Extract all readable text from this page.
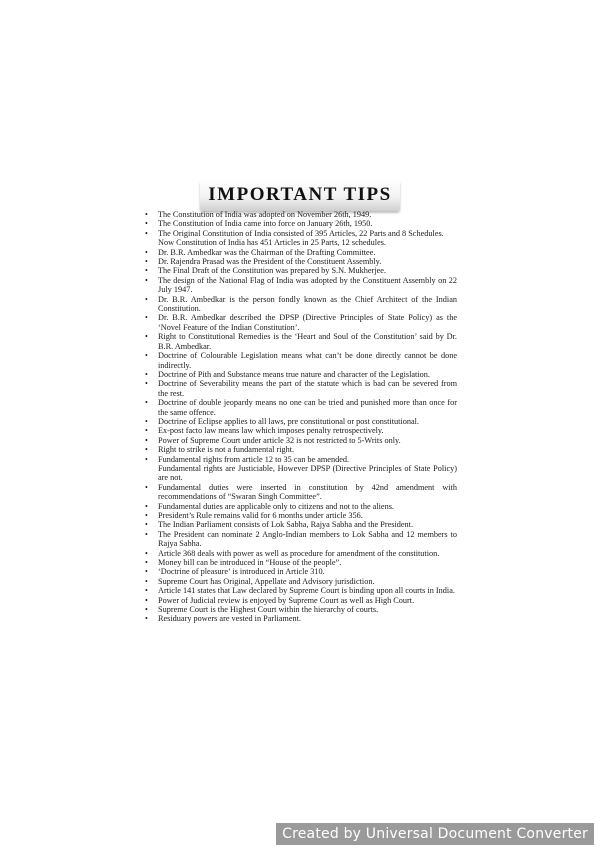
IMPORTANT TIPS
• The Constitution of India was adopted on November 26th, 1949.
• The Constitution of India came into force on January 26th, 1950.
• The Original Constitution of India consisted of 395 Articles, 22 Parts and 8 Schedules.
Now Constitution of India has 451 Articles in 25 Parts, 12 schedules.
• Dr. B.R. Ambedkar was the Chairman of the Drafting Committee.
• Dr. Rajendra Prasad was the President of the Constituent Assembly.
• The Final Draft of the Constitution was prepared by S.N. Mukherjee.
• The design of the National Flag of India was adopted by the Constituent Assembly on 22 July 1947.
• Dr. B.R. Ambedkar is the person fondly known as the Chief Architect of the Indian Constitution.
• Dr. B.R. Ambedkar described the DPSP (Directive Principles of State Policy) as the ‘Novel Feature of the Indian Constitution’.
• Right to Constitutional Remedies is the ‘Heart and Soul of the Constitution’ said by Dr. B.R. Ambedkar.
• Doctrine of Colourable Legislation means what can’t be done directly cannot be done indirectly.
• Doctrine of Pith and Substance means true nature and character of the Legislation.
• Doctrine of Severability means the part of the statute which is bad can be severed from the rest.
• Doctrine of double jeopardy means no one can be tried and punished more than once for the same offence.
• Doctrine of Eclipse applies to all laws, pre constitutional or post constitutional.
• Ex-post facto law means law which imposes penalty retrospectively.
• Power of Supreme Court under article 32 is not restricted to 5-Writs only.
• Right to strike is not a fundamental right.
• Fundamental rights from article 12 to 35 can be amended.
Fundamental rights are Justiciable, However DPSP (Directive Principles of State Policy) are not.
• Fundamental duties were inserted in constitution by 42nd amendment with recommendations of “Swaran Singh Committee”.
• Fundamental duties are applicable only to citizens and not to the aliens.
• President’s Rule remains valid for 6 months under article 356.
• The Indian Parliament consists of Lok Sabha, Rajya Sabha and the President.
• The President can nominate 2 Anglo-Indian members to Lok Sabha and 12 members to Rajya Sabha.
• Article 368 deals with power as well as procedure for amendment of the constitution.
• Money bill can be introduced in “House of the people”.
• ‘Doctrine of pleasure’ is introduced in Article 310.
• Supreme Court has Original, Appellate and Advisory jurisdiction.
• Article 141 states that Law declared by Supreme Court is binding upon all courts in India.
• Power of Judicial review is enjoyed by Supreme Court as well as High Court.
• Supreme Court is the Highest Court within the hierarchy of courts.
• Residuary powers are vested in Parliament.
Created by Universal Document Converter
